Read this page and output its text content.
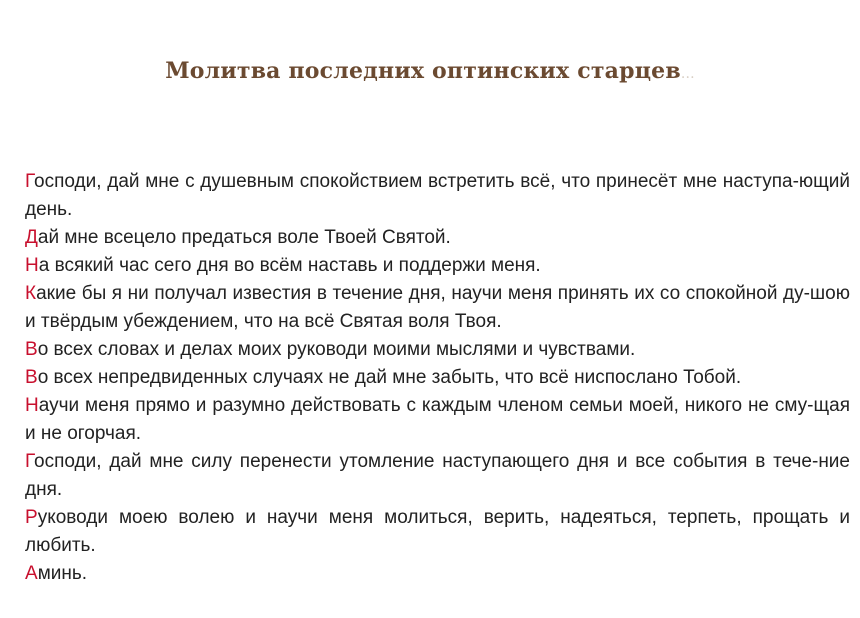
Молитва последних оптинских старцев...

Господи, дай мне с душевным спокойствием встретить всё, что принесёт мне наступа-ющий день.

Дай мне всецело предаться воле Твоей Святой.

На всякий час сего дня во всём наставь и поддержи меня.

Какие бы я ни получал известия в течение дня, научи меня принять их со спокойной ду-шою и твёрдым убеждением, что на всё Святая воля Твоя.

Во всех словах и делах моих руководи моими мыслями и чувствами.

Во всех непредвиденных случаях не дай мне забыть, что всё ниспослано Тобой.

Научи меня прямо и разумно действовать с каждым членом семьи моей, никого не сму-щая и не огорчая.

Господи, дай мне силу перенести утомление наступающего дня и все события в тече-ние дня.

Руководи моею волею и научи меня молиться, верить, надеяться, терпеть, прощать и любить.

Аминь.
